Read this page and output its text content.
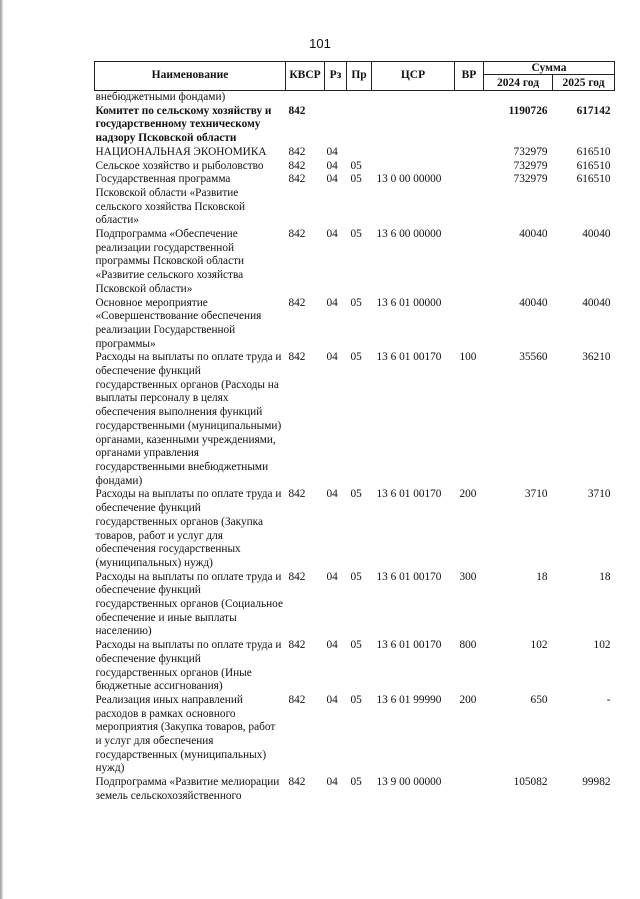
101
Наименование	КВСР	Рз	Пр	ЦСР	ВР	Сумма	
						2024 год	2025 год
внебюджетными фондами)							
Комитет по сельскому хозяйству и государственному техническому надзору Псковской области	842					1190726	617142
НАЦИОНАЛЬНАЯ ЭКОНОМИКА	842	04				732979	616510
Сельское хозяйство и рыболовство	842	04	05			732979	616510
Государственная программа Псковской области «Развитие сельского хозяйства Псковской области»	842	04	05	13 0 00 00000		732979	616510
Подпрограмма «Обеспечение реализации государственной программы Псковской области «Развитие сельского хозяйства Псковской области»	842	04	05	13 6 00 00000		40040	40040
Основное мероприятие «Совершенствование обеспечения реализации Государственной программы»	842	04	05	13 6 01 00000		40040	40040
Расходы на выплаты по оплате труда и обеспечение функций государственных органов (Расходы на выплаты персоналу в целях обеспечения выполнения функций государственными (муниципальными) органами, казенными учреждениями, органами управления государственными внебюджетными фондами)	842	04	05	13 6 01 00170	100	35560	36210
Расходы на выплаты по оплате труда и обеспечение функций государственных органов (Закупка товаров, работ и услуг для обеспечения государственных (муниципальных) нужд)	842	04	05	13 6 01 00170	200	3710	3710
Расходы на выплаты по оплате труда и обеспечение функций государственных органов (Социальное обеспечение и иные выплаты населению)	842	04	05	13 6 01 00170	300	18	18
Расходы на выплаты по оплате труда и обеспечение функций государственных органов (Иные бюджетные ассигнования)	842	04	05	13 6 01 00170	800	102	102
Реализация иных направлений расходов в рамках основного мероприятия (Закупка товаров, работ и услуг для обеспечения государственных (муниципальных) нужд)	842	04	05	13 6 01 99990	200	650	-
Подпрограмма «Развитие мелиорации земель сельскохозяйственного	842	04	05	13 9 00 00000		105082	99982
